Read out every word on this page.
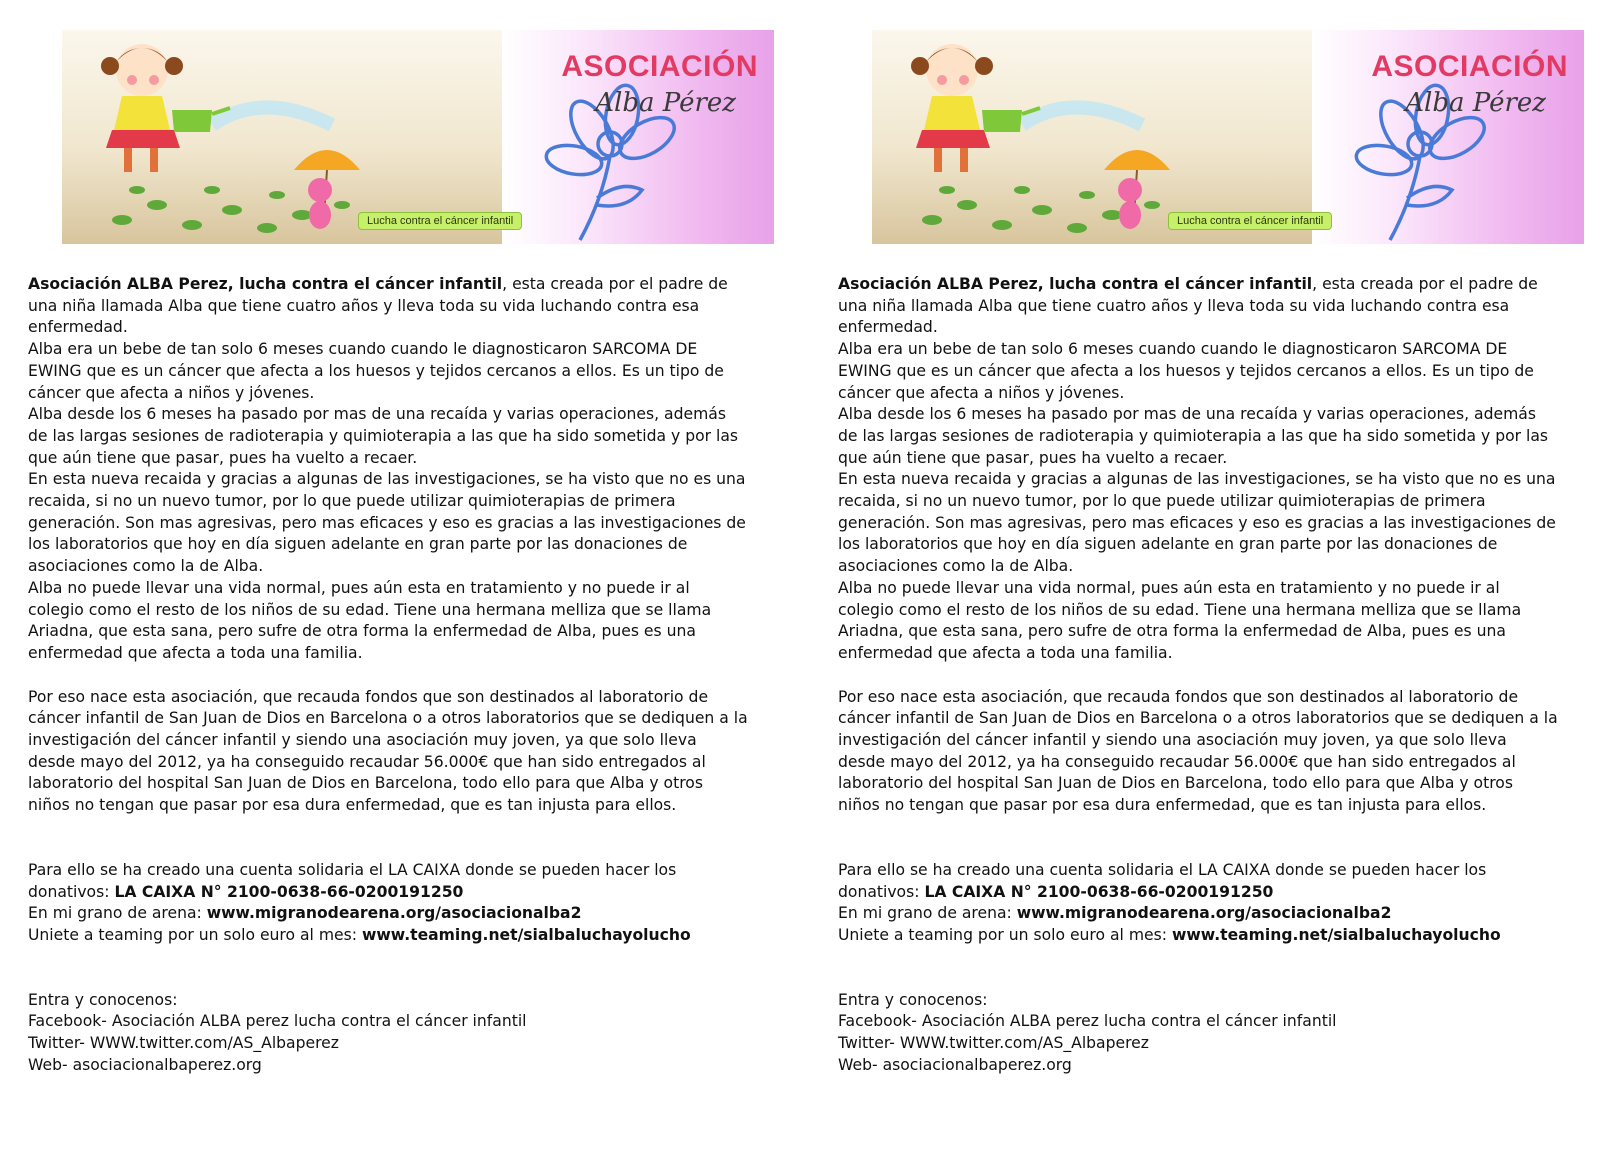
ASOCIACIÓN
Alba Pérez
Lucha contra el cáncer infantil

Asociación ALBA Perez, lucha contra el cáncer infantil, esta creada por el padre de una niña llamada Alba que tiene cuatro años y lleva toda su vida luchando contra esa enfermedad.

Alba era un bebe de tan solo 6 meses cuando cuando le diagnosticaron SARCOMA DE EWING que es un cáncer que afecta a los huesos y tejidos cercanos a ellos. Es un tipo de cáncer que afecta a niños y jóvenes.

Alba desde los 6 meses ha pasado por mas de una recaída y varias operaciones, además de las largas sesiones de radioterapia y quimioterapia a las que ha sido sometida y por las que aún tiene que pasar, pues ha vuelto a recaer.

En esta nueva recaida y gracias a algunas de las investigaciones, se ha visto que no es una recaida, si no un nuevo tumor, por lo que puede utilizar quimioterapias de primera generación. Son mas agresivas, pero mas eficaces y eso es gracias a las investigaciones de los laboratorios que hoy en día siguen adelante en gran parte por las donaciones de asociaciones como la de Alba.

Alba no puede llevar una vida normal, pues aún esta en tratamiento y no puede ir al colegio como el resto de los niños de su edad. Tiene una hermana melliza que se llama Ariadna, que esta sana, pero sufre de otra forma la enfermedad de Alba, pues es una enfermedad que afecta a toda una familia.

Por eso nace esta asociación, que recauda fondos que son destinados al laboratorio de cáncer infantil de San Juan de Dios en Barcelona o a otros laboratorios que se dediquen a la investigación del cáncer infantil y siendo una asociación muy joven, ya que solo lleva desde mayo del 2012, ya ha conseguido recaudar 56.000€ que han sido entregados al laboratorio del hospital San Juan de Dios en Barcelona, todo ello para que Alba y otros niños no tengan que pasar por esa dura enfermedad, que es tan injusta para ellos.

Para ello se ha creado una cuenta solidaria el LA CAIXA donde se pueden hacer los donativos: LA CAIXA N° 2100-0638-66-0200191250

En mi grano de arena: www.migranodearena.org/asociacionalba2

Uniete a teaming por un solo euro al mes: www.teaming.net/sialbaluchayolucho

Entra y conocenos:

Facebook- Asociación ALBA perez lucha contra el cáncer infantil

Twitter- WWW.twitter.com/AS_Albaperez

Web- asociacionalbaperez.org

ASOCIACIÓN
Alba Pérez
Lucha contra el cáncer infantil

Asociación ALBA Perez, lucha contra el cáncer infantil, esta creada por el padre de una niña llamada Alba que tiene cuatro años y lleva toda su vida luchando contra esa enfermedad.

Alba era un bebe de tan solo 6 meses cuando cuando le diagnosticaron SARCOMA DE EWING que es un cáncer que afecta a los huesos y tejidos cercanos a ellos. Es un tipo de cáncer que afecta a niños y jóvenes.

Alba desde los 6 meses ha pasado por mas de una recaída y varias operaciones, además de las largas sesiones de radioterapia y quimioterapia a las que ha sido sometida y por las que aún tiene que pasar, pues ha vuelto a recaer.

En esta nueva recaida y gracias a algunas de las investigaciones, se ha visto que no es una recaida, si no un nuevo tumor, por lo que puede utilizar quimioterapias de primera generación. Son mas agresivas, pero mas eficaces y eso es gracias a las investigaciones de los laboratorios que hoy en día siguen adelante en gran parte por las donaciones de asociaciones como la de Alba.

Alba no puede llevar una vida normal, pues aún esta en tratamiento y no puede ir al colegio como el resto de los niños de su edad. Tiene una hermana melliza que se llama Ariadna, que esta sana, pero sufre de otra forma la enfermedad de Alba, pues es una enfermedad que afecta a toda una familia.

Por eso nace esta asociación, que recauda fondos que son destinados al laboratorio de cáncer infantil de San Juan de Dios en Barcelona o a otros laboratorios que se dediquen a la investigación del cáncer infantil y siendo una asociación muy joven, ya que solo lleva desde mayo del 2012, ya ha conseguido recaudar 56.000€ que han sido entregados al laboratorio del hospital San Juan de Dios en Barcelona, todo ello para que Alba y otros niños no tengan que pasar por esa dura enfermedad, que es tan injusta para ellos.

Para ello se ha creado una cuenta solidaria el LA CAIXA donde se pueden hacer los donativos: LA CAIXA N° 2100-0638-66-0200191250

En mi grano de arena: www.migranodearena.org/asociacionalba2

Uniete a teaming por un solo euro al mes: www.teaming.net/sialbaluchayolucho

Entra y conocenos:

Facebook- Asociación ALBA perez lucha contra el cáncer infantil

Twitter- WWW.twitter.com/AS_Albaperez

Web- asociacionalbaperez.org
